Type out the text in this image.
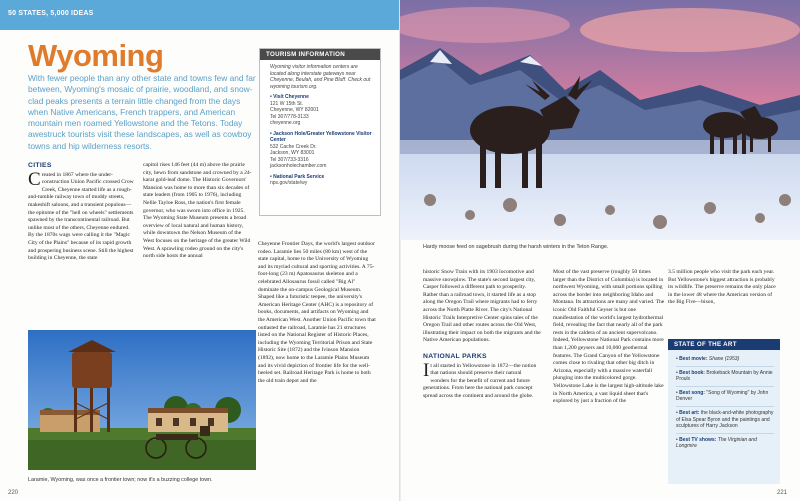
50 STATES, 5,000 IDEAS
Wyoming
With fewer people than any other state and towns few and far between, Wyoming's mosaic of prairie, woodland, and snow-clad peaks presents a terrain little changed from the days when Native Americans, French trappers, and American mountain men roamed Yellowstone and the Tetons. Today awestruck tourists visit these landscapes, as well as cowboy towns and hip wilderness resorts.
TOURISM INFORMATION
Wyoming visitor information centers are located along interstate gateways near Cheyenne, Beulah, and Pine Bluff. Check out wyoming tourism.org.
• Visit Cheyenne
121 W 15th St.
Cheyenne, WY 82001
Tel 307/778-3133
cheyenne.org
• Jackson Hole/Greater Yellowstone Visitor Center
532 Cache Creek Dr.
Jackson, WY 83001
Tel 307/733-3316
jacksonholechamber.com
• National Park Service
nps.gov/state/wy
CITIES

Created in 1867 where the under-construction Union Pacific crossed Crow Creek, Cheyenne started life as a rough-and-tumble railway town of muddy streets, makeshift saloons, and a transient populous—the epitome of the "hell on wheels" settlements spawned by the transcontinental railroad. But unlike most of the others, Cheyenne endured. By the 1870s wags were calling it the "Magic City of the Plains" because of its rapid growth and prospering business scene. Still the highest building in Cheyenne, the state

capitol rises 146 feet (44 m) above the prairie city, hewn from sandstone and crowned by a 24-karat gold-leaf dome. The Historic Governors' Mansion was home to more than six decades of state leaders (from 1905 to 1976), including Nellie Tayloe Ross, the nation's first female governor, who was sworn into office in 1925. The Wyoming State Museum presents a broad overview of local natural and human history, while downtown the Nelson Museum of the West focuses on the heritage of the greater Wild West. A sprawling rodeo ground on the city's north side hosts the annual

Cheyenne Frontier Days, the world's largest outdoor rodeo. Laramie lies 50 miles (80 km) west of the state capital, home to the University of Wyoming and its myriad cultural and sporting activities. A 75-foot-long (23 m) Apatosaurus skeleton and a celebrated Allosaurus fossil called "Big Al" dominate the on-campus Geological Museum. Shaped like a futuristic teepee, the university's American Heritage Center (AHC) is a repository of books, documents, and artifacts on Wyoming and the American West. Another Union Pacific town that outlasted the railroad, Laramie has 21 structures listed on the National Register of Historic Places, including the Wyoming Territorial Prison and State Historic Site (1872) and the Ivinson Mansion (1892), now home to the Laramie Plains Museum and its vivid depiction of frontier life for the well-heeled set. Railroad Heritage Park is home to both the old train depot and the

Laramie, Wyoming, was once a frontier town; now it's a buzzing college town.
220
Hardy moose feed on sagebrush during the harsh winters in the Teton Range.

historic Snow Train with its 1903 locomotive and massive snowplow. The state's second largest city, Casper followed a different path to prosperity. Rather than a railroad town, it started life as a stop along the Oregon Trail where migrants had to ferry across the North Platte River. The city's National Historic Trails Interpretive Center spins tales of the Oregon Trail and other routes across the Old West, illustrating their impact on both the migrants and the Native American populations.

NATIONAL PARKS

It all started in Yellowstone in 1872—the notion that nations should preserve their natural wonders for the benefit of current and future generations. From here the national park concept spread across the continent and around the globe.

Most of the vast preserve (roughly 50 times larger than the District of Columbia) is located in northwest Wyoming, with small portions spilling across the border into neighboring Idaho and Montana. Its attractions are many and varied. The iconic Old Faithful Geyser is but one manifestation of the world's largest hydrothermal field, revealing the fact that nearly all of the park rests in the caldera of an ancient supervolcano. Indeed, Yellowstone National Park contains more than 1,200 geysers and 10,000 geothermal features. The Grand Canyon of the Yellowstone comes close to rivaling that other big ditch in Arizona, especially with a massive waterfall plunging into the multicolored gorge. Yellowstone Lake is the largest high-altitude lake in North America, a vast liquid sheet that's explored by just a fraction of the

3.5 million people who visit the park each year. But Yellowstone's biggest attraction is probably its wildlife. The preserve remains the only place in the lower 48 where the American version of the Big Five—bison,

STATE OF THE ART
• Best movie: Shane (1953)
• Best book: Brokeback Mountain by Annie Proulx
• Best song: "Song of Wyoming" by John Denver
• Best art: the black-and-white photography of Elsa Spear Byron and the paintings and sculptures of Harry Jackson
• Best TV shows: The Virginian and Longmire
221
